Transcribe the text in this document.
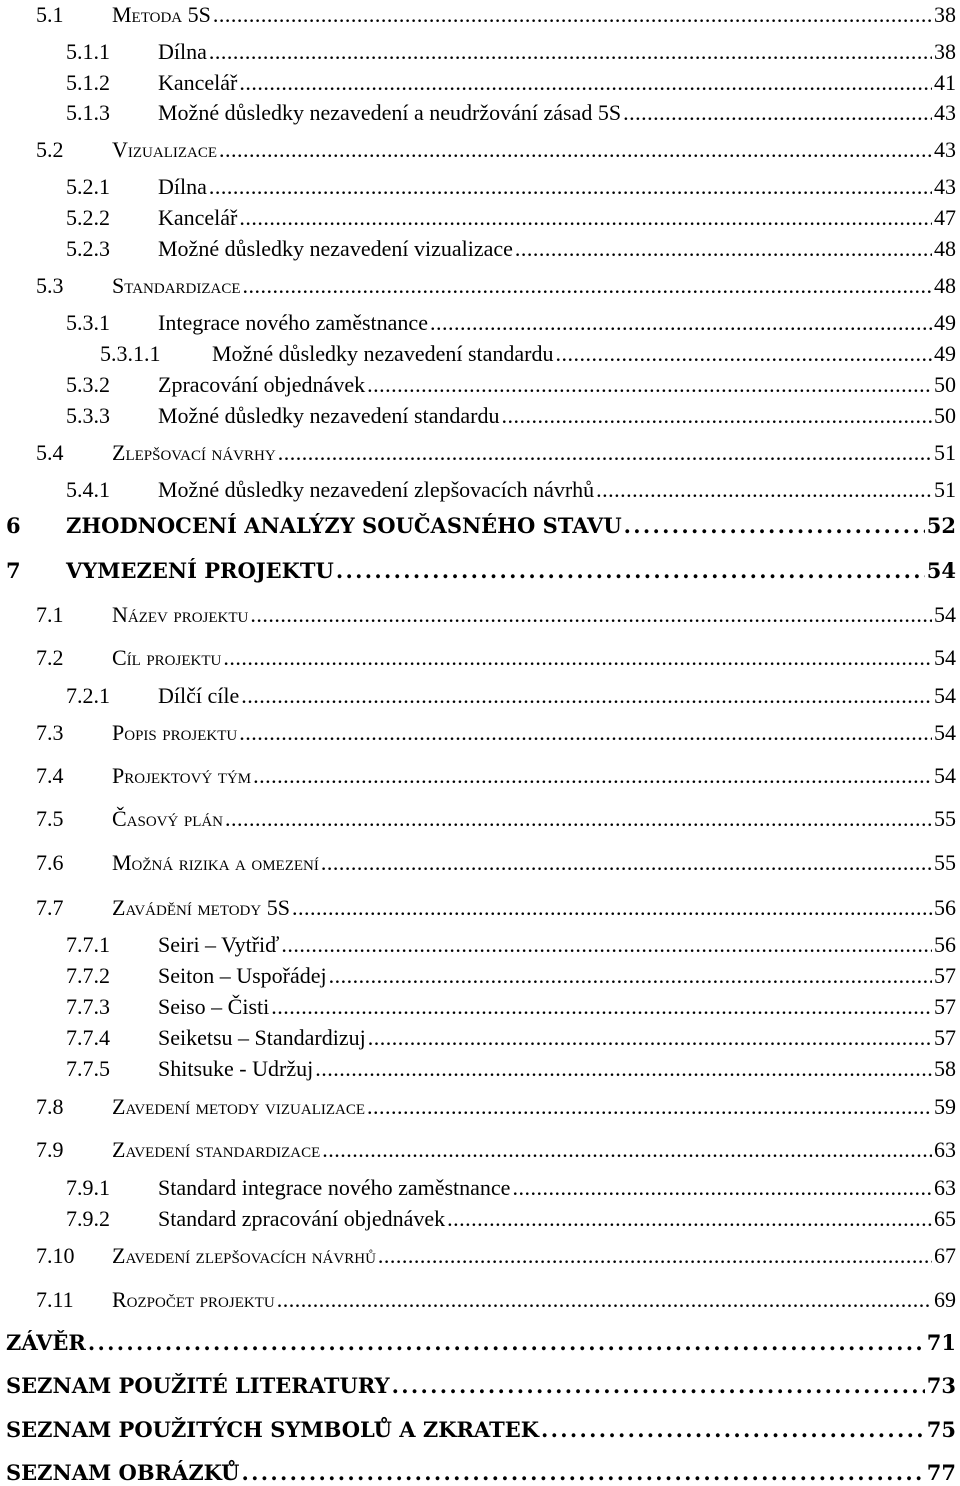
5.1 Metoda 5S . . .	38
5.1.1 Dílna . . .	38
5.1.2 Kancelář . . .	41
5.1.3 Možné důsledky nezavedení a neudržování zásad 5S . . .	43
5.2 Vizualizace . . .	43
5.2.1 Dílna . . .	43
5.2.2 Kancelář . . .	47
5.2.3 Možné důsledky nezavedení vizualizace . . .	48
5.3 Standardizace . . .	48
5.3.1 Integrace nového zaměstnance . . .	49
5.3.1.1 Možné důsledky nezavedení standardu . . .	49
5.3.2 Zpracování objednávek . . .	50
5.3.3 Možné důsledky nezavedení standardu . . .	50
5.4 Zlepšovací návrhy . . .	51
5.4.1 Možné důsledky nezavedení zlepšovacích návrhů . . .	51
6 ZHODNOCENÍ ANALÝZY SOUČASNÉHO STAVU . . .	52
7 VYMEZENÍ PROJEKTU . . .	54
7.1 Název projektu . . .	54
7.2 Cíl projektu . . .	54
7.2.1 Dílčí cíle . . .	54
7.3 Popis projektu . . .	54
7.4 Projektový tým . . .	54
7.5 Časový plán . . .	55
7.6 Možná rizika a omezení . . .	55
7.7 Zavádění metody 5S . . .	56
7.7.1 Seiri – Vytřiď . . .	56
7.7.2 Seiton – Uspořádej . . .	57
7.7.3 Seiso – Čisti . . .	57
7.7.4 Seiketsu – Standardizuj . . .	57
7.7.5 Shitsuke - Udržuj . . .	58
7.8 Zavedení metody vizualizace . . .	59
7.9 Zavedení standardizace . . .	63
7.9.1 Standard integrace nového zaměstnance . . .	63
7.9.2 Standard zpracování objednávek . . .	65
7.10 Zavedení zlepšovacích návrhů . . .	67
7.11 Rozpočet projektu . . .	69
ZÁVĚR . . .	71
SEZNAM POUŽITÉ LITERATURY . . .	73
SEZNAM POUŽITÝCH SYMBOLŮ A ZKRATEK . . .	75
SEZNAM OBRÁZKŮ . . .	77
